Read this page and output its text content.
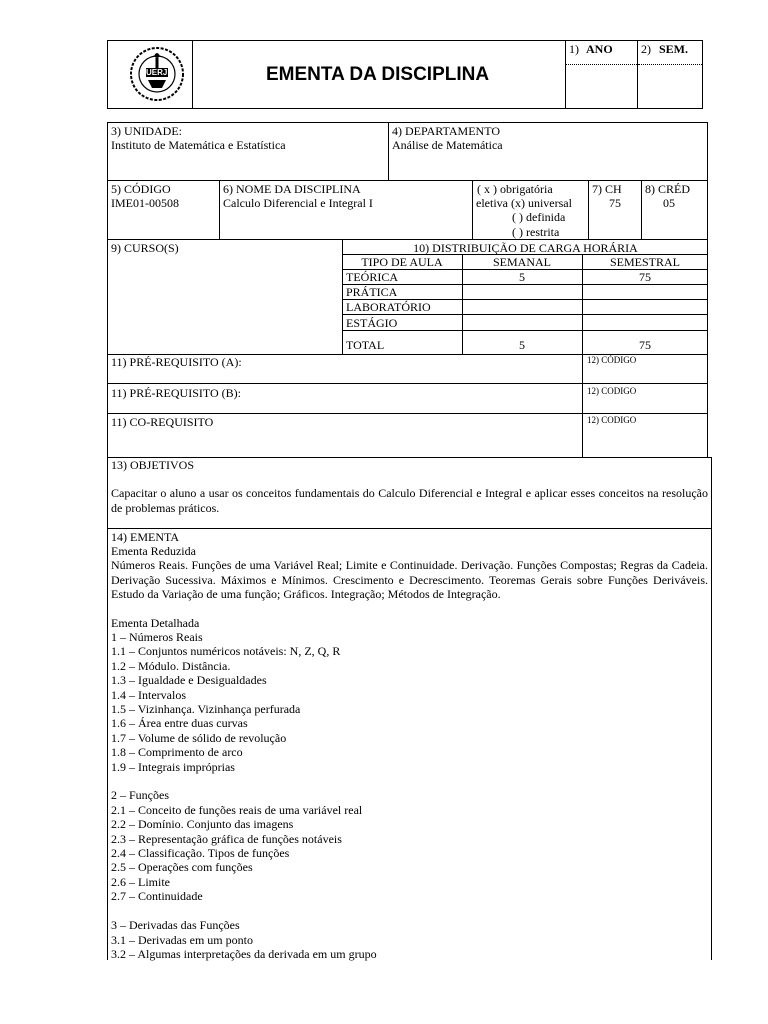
UERJ	EMENTA DA DISCIPLINA
1) ANO 2) SEM.
3) UNIDADE:
Instituto de Matemática e Estatística
4) DEPARTAMENTO
Análise de Matemática
5) CÓDIGO
IME01-00508
6) NOME DA DISCIPLINA
Calculo Diferencial e Integral I
( x ) obrigatória
eletiva (x) universal
( ) definida
( ) restrita
7) CH
75
8) CRÉD
05
9) CURSO(S)	10) DISTRIBUIÇÃO DE CARGA HORÁRIA
TIPO DE AULA	SEMANAL	SEMESTRAL
TEÓRICA	5	75
PRÁTICA
LABORATÓRIO
ESTÁGIO
TOTAL	5	75
11) PRÉ-REQUISITO (A):	12) CÓDIGO
11) PRÉ-REQUISITO (B):	12) CODIGO
11) CO-REQUISITO	12) CODIGO
13) OBJETIVOS
Capacitar o aluno a usar os conceitos fundamentais do Calculo Diferencial e Integral e aplicar esses conceitos na resolução de problemas práticos.
14) EMENTA
Ementa Reduzida
Números Reais. Funções de uma Variável Real; Limite e Continuidade. Derivação. Funções Compostas; Regras da Cadeia. Derivação Sucessiva. Máximos e Mínimos. Crescimento e Decrescimento. Teoremas Gerais sobre Funções Deriváveis. Estudo da Variação de uma função; Gráficos. Integração; Métodos de Integração.
Ementa Detalhada
1 – Números Reais
1.1 – Conjuntos numéricos notáveis: N, Z, Q, R
1.2 – Módulo. Distância.
1.3 – Igualdade e Desigualdades
1.4 – Intervalos
1.5 – Vizinhança. Vizinhança perfurada
1.6 – Área entre duas curvas
1.7 – Volume de sólido de revolução
1.8 – Comprimento de arco
1.9 – Integrais impróprias
2 – Funções
2.1 – Conceito de funções reais de uma variável real
2.2 – Domínio. Conjunto das imagens
2.3 – Representação gráfica de funções notáveis
2.4 – Classificação. Tipos de funções
2.5 – Operações com funções
2.6 – Limite
2.7 – Continuidade
3 – Derivadas das Funções
3.1 – Derivadas em um ponto
3.2 – Algumas interpretações da derivada em um grupo
